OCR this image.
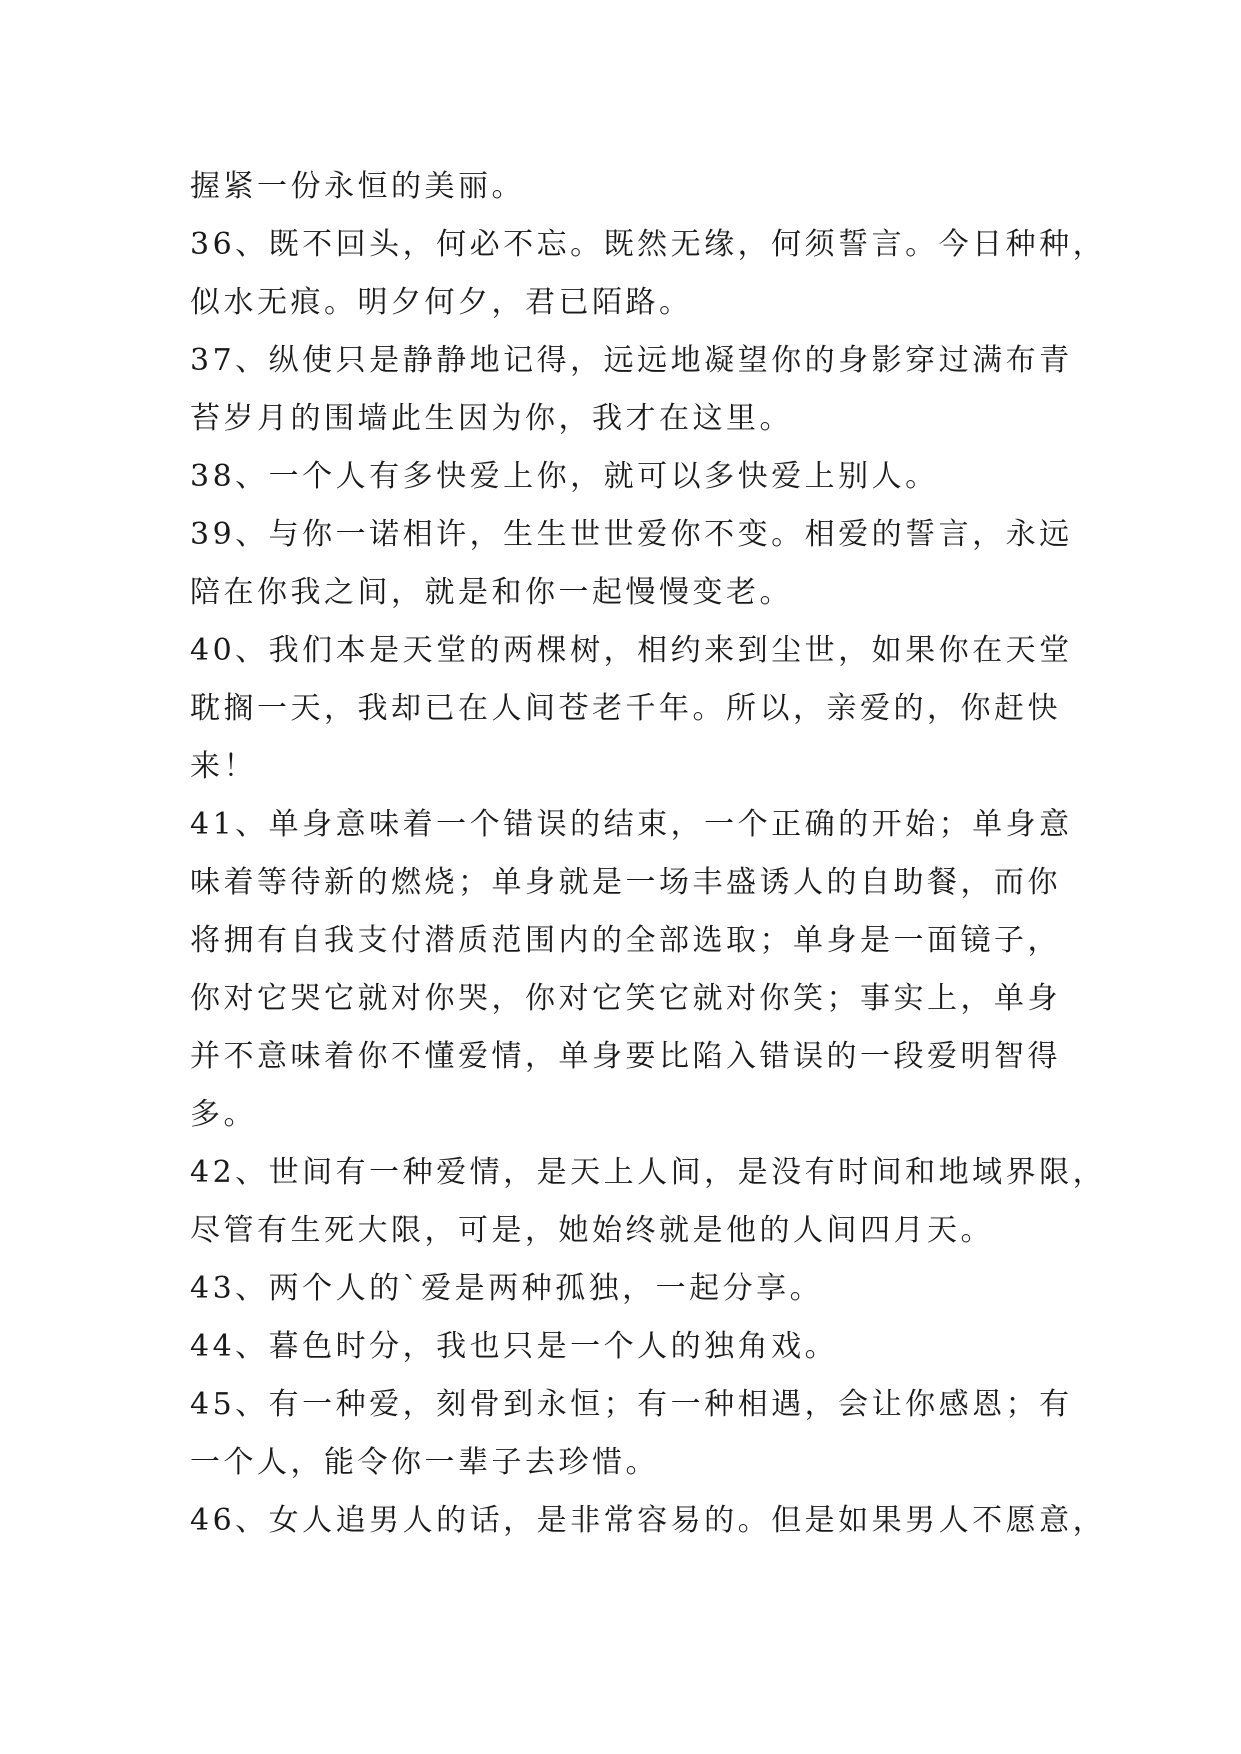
握紧一份永恒的美丽。
36、既不回头，何必不忘。既然无缘，何须誓言。今日种种，
似水无痕。明夕何夕，君已陌路。
37、纵使只是静静地记得，远远地凝望你的身影穿过满布青
苔岁月的围墙此生因为你，我才在这里。
38、一个人有多快爱上你，就可以多快爱上别人。
39、与你一诺相许，生生世世爱你不变。相爱的誓言，永远
陪在你我之间，就是和你一起慢慢变老。
40、我们本是天堂的两棵树，相约来到尘世，如果你在天堂
耽搁一天，我却已在人间苍老千年。所以，亲爱的，你赶快
来！
41、单身意味着一个错误的结束，一个正确的开始；单身意
味着等待新的燃烧；单身就是一场丰盛诱人的自助餐，而你
将拥有自我支付潜质范围内的全部选取；单身是一面镜子，
你对它哭它就对你哭，你对它笑它就对你笑；事实上，单身
并不意味着你不懂爱情，单身要比陷入错误的一段爱明智得
多。
42、世间有一种爱情，是天上人间，是没有时间和地域界限，
尽管有生死大限，可是，她始终就是他的人间四月天。
43、两个人的`爱是两种孤独，一起分享。
44、暮色时分，我也只是一个人的独角戏。
45、有一种爱，刻骨到永恒；有一种相遇，会让你感恩；有
一个人，能令你一辈子去珍惜。
46、女人追男人的话，是非常容易的。但是如果男人不愿意，
